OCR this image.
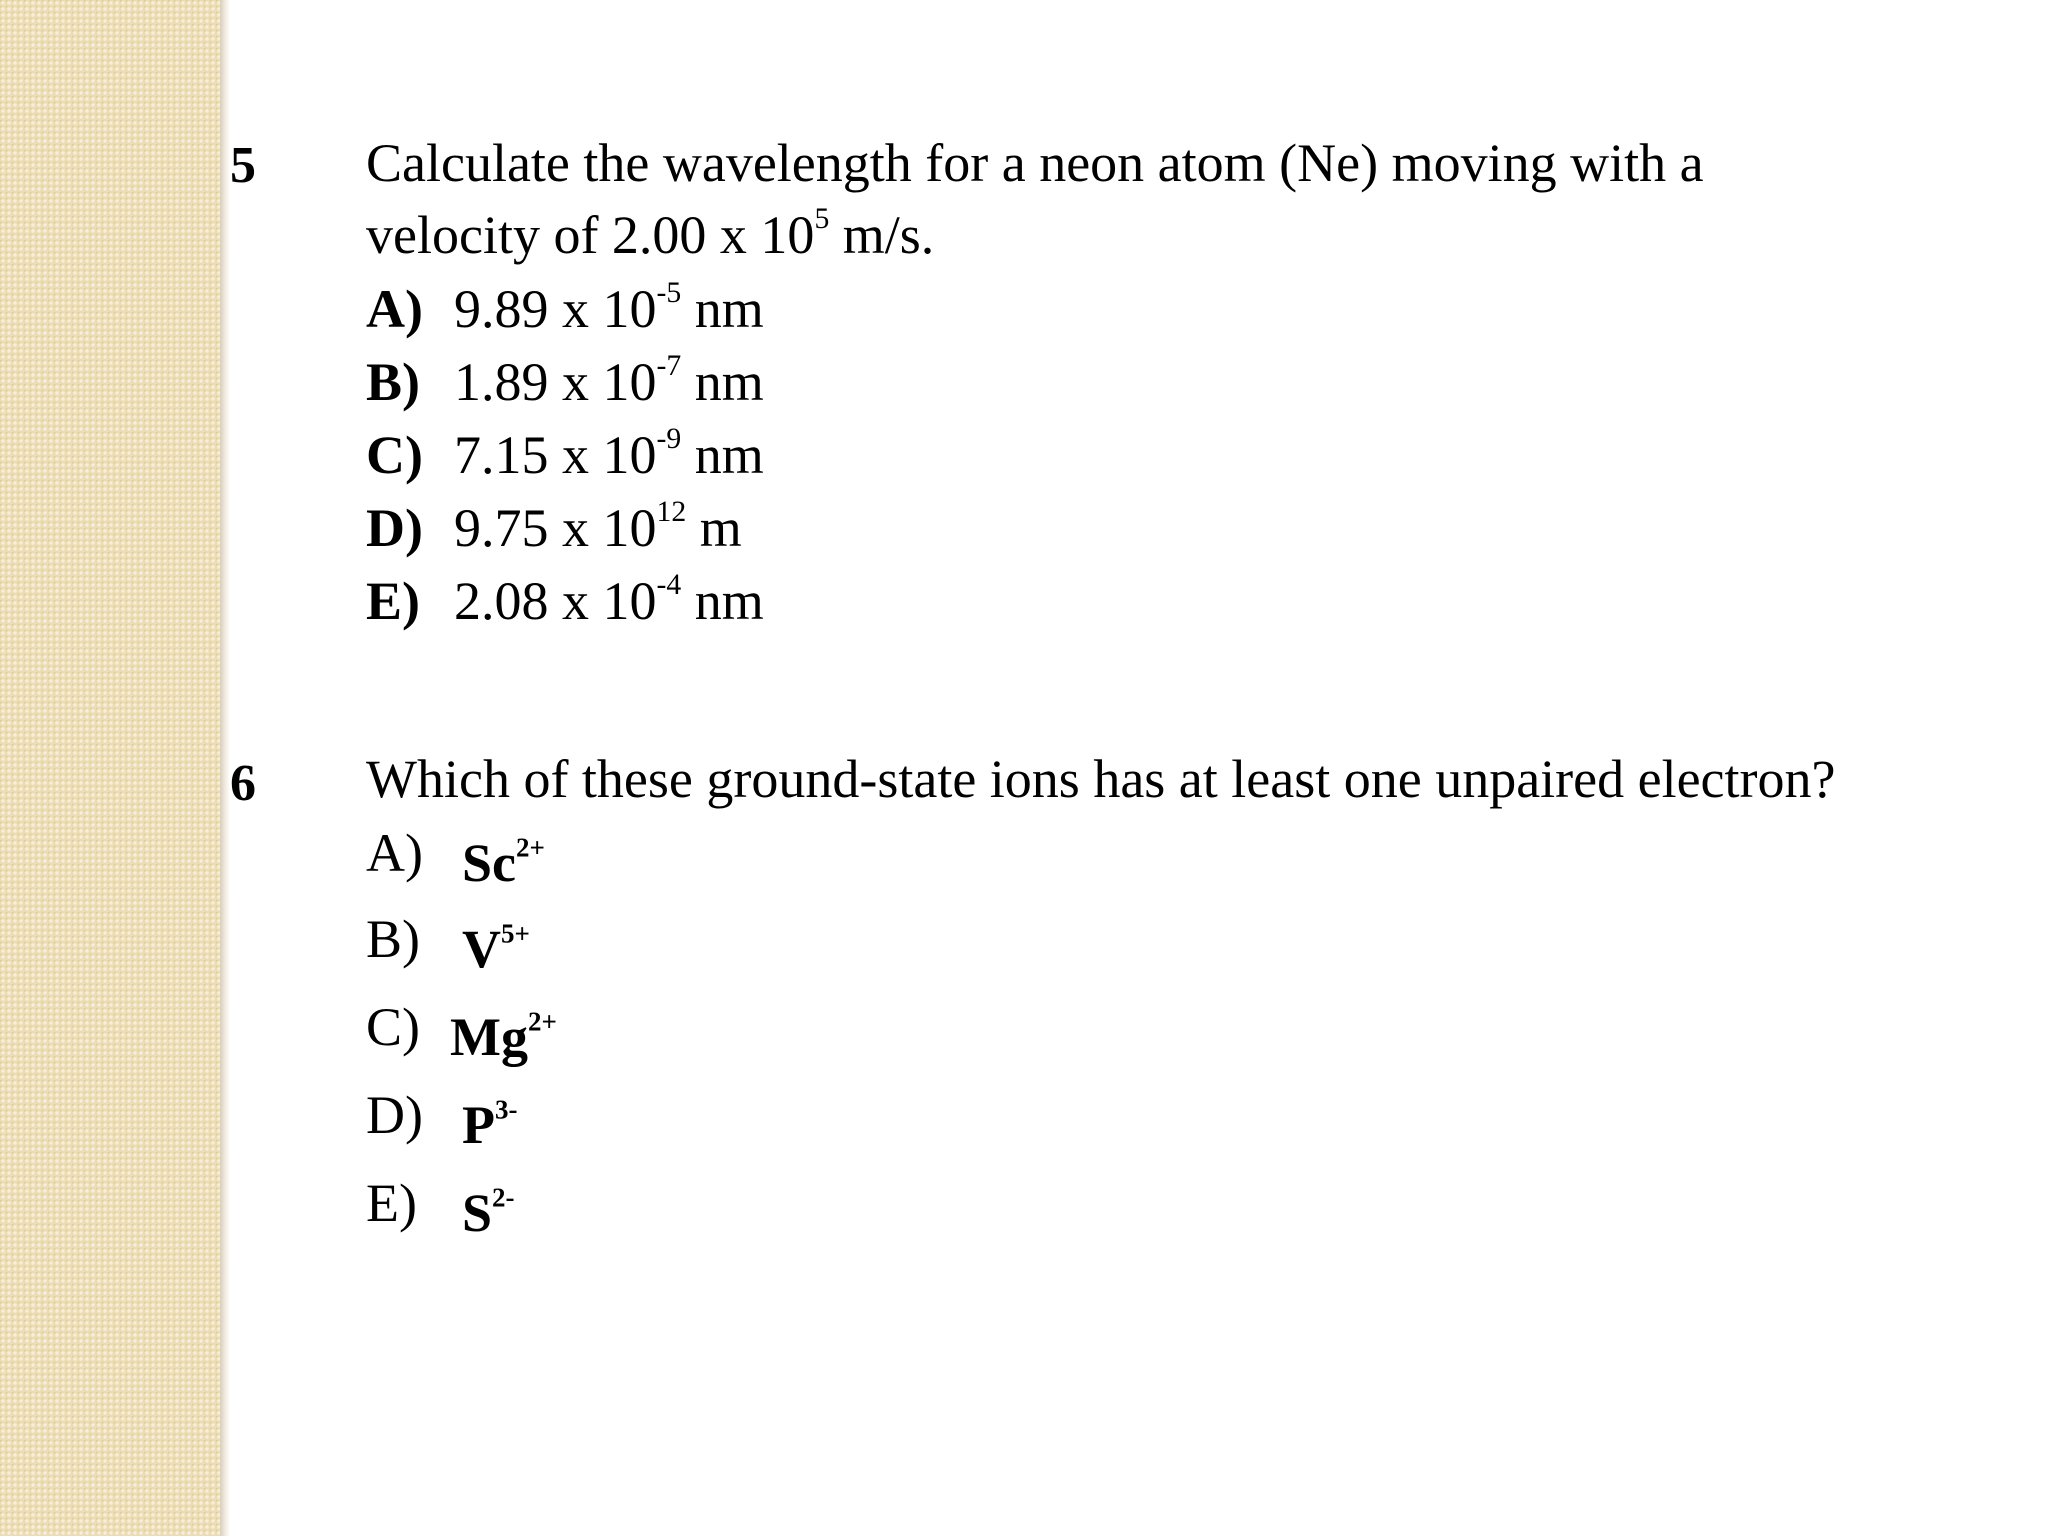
5 Calculate the wavelength for a neon atom (Ne) moving with a
velocity of 2.00 x $10^5$ m/s.
A) 9.89 x $10^{-5}$ nm
B) 1.89 x $10^{-7}$ nm
C) 7.15 x $10^{-9}$ nm
D) 9.75 x $10^{12}$ m
E) 2.08 x $10^{-4}$ nm
6 Which of these ground-state ions has at least one unpaired electron?
A) $Sc^{2+}$
B) $V^{5+}$
C) $Mg^{2+}$
D) $P^{3-}$
E) $S^{2-}$
